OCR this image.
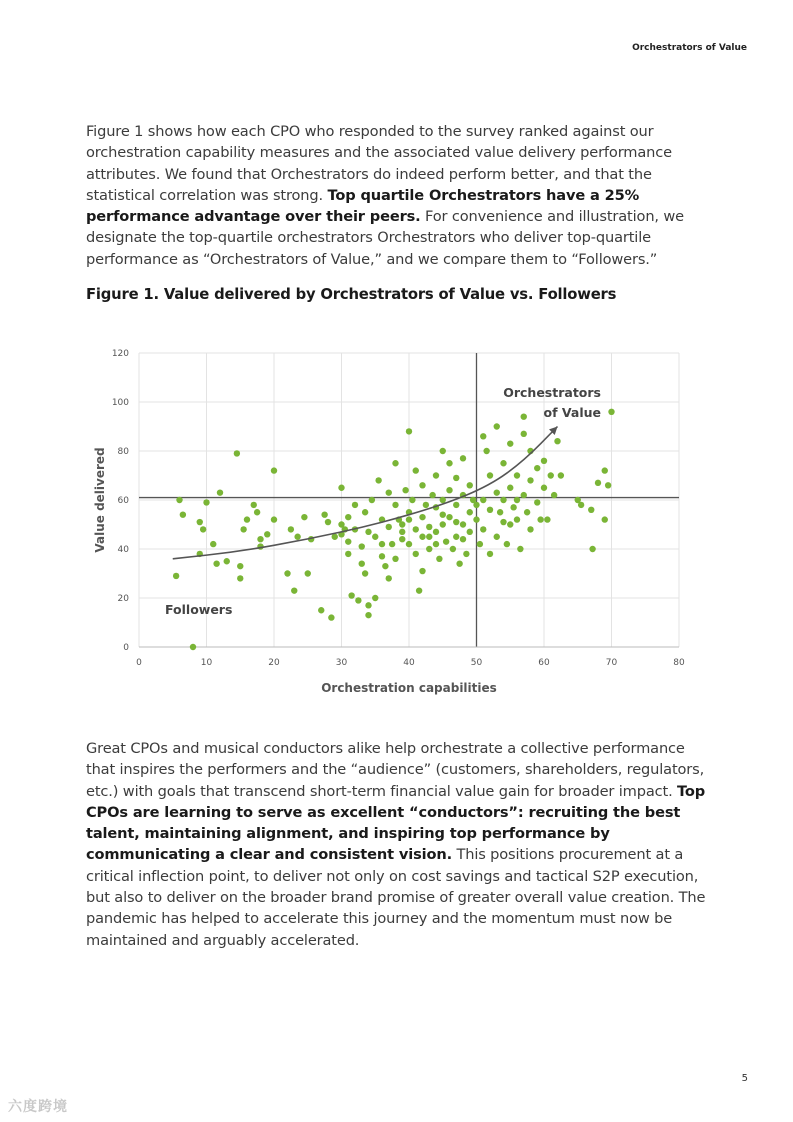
Orchestrators of Value
Figure 1 shows how each CPO who responded to the survey ranked against our orchestration capability measures and the associated value delivery performance attributes. We found that Orchestrators do indeed perform better, and that the statistical correlation was strong. Top quartile Orchestrators have a 25% performance advantage over their peers. For convenience and illustration, we designate the top-quartile orchestrators Orchestrators who deliver top-quartile performance as “Orchestrators of Value,” and we compare them to “Followers.”
Figure 1. Value delivered by Orchestrators of Value vs. Followers
0	10	20	30	40	50	60	70	80
0
20
40
60
80
100
120
Orchestrators
of Value
Followers
Orchestration capabilities
Value delivered
Great CPOs and musical conductors alike help orchestrate a collective performance that inspires the performers and the “audience” (customers, shareholders, regulators, etc.) with goals that transcend short-term financial value gain for broader impact. Top CPOs are learning to serve as excellent “conductors”: recruiting the best talent, maintaining alignment, and inspiring top performance by communicating a clear and consistent vision. This positions procurement at a critical inflection point, to deliver not only on cost savings and tactical S2P execution, but also to deliver on the broader brand promise of greater overall value creation. The pandemic has helped to accelerate this journey and the momentum must now be maintained and arguably accelerated.
5
六度跨境
